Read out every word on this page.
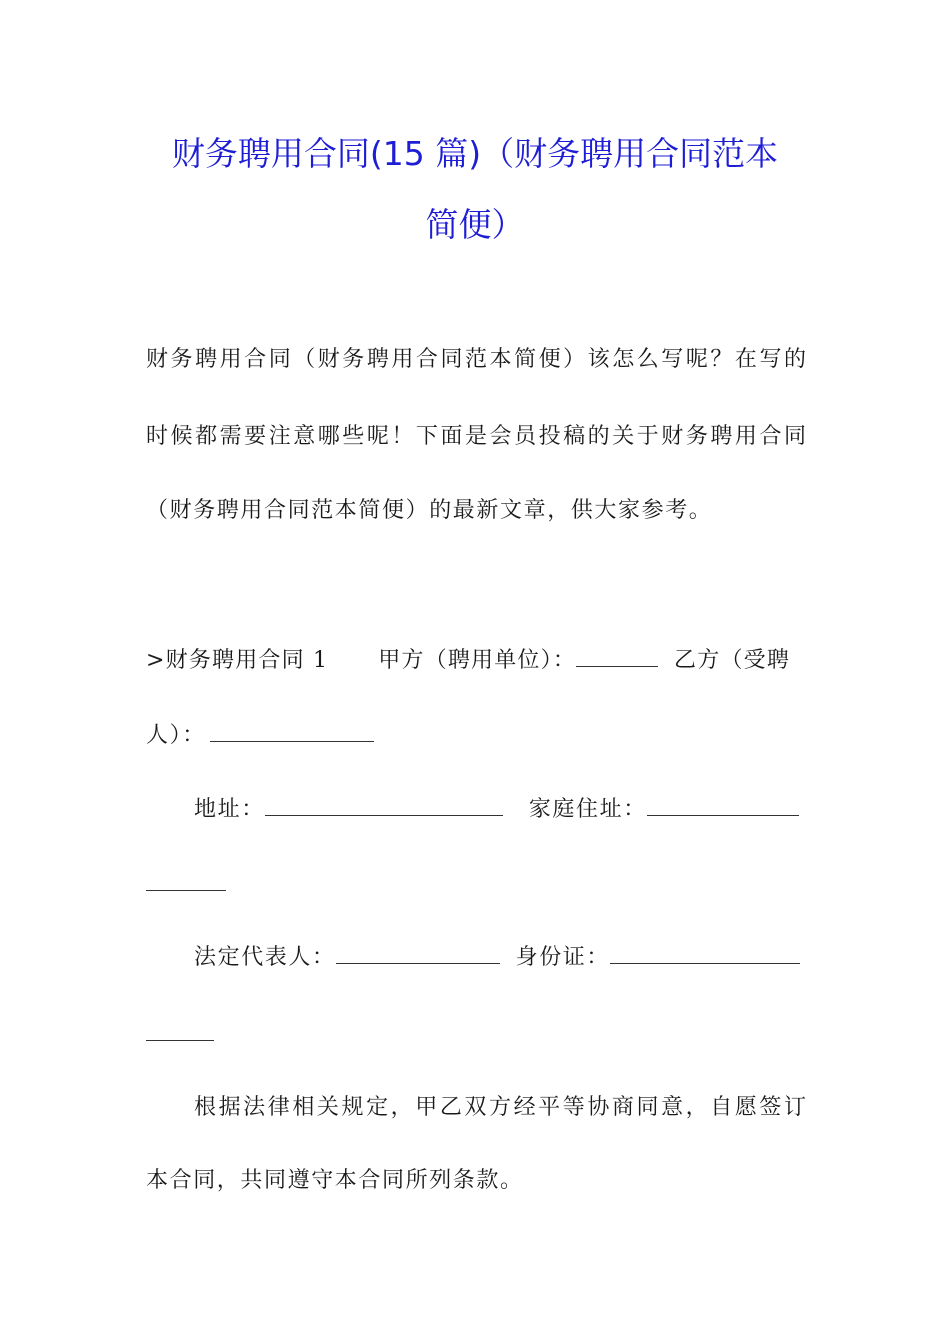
财务聘用合同(15 篇)（财务聘用合同范本
简便）
财务聘用合同（财务聘用合同范本简便）该怎么写呢？在写的
时候都需要注意哪些呢！下面是会员投稿的关于财务聘用合同
（财务聘用合同范本简便）的最新文章，供大家参考。
>财务聘用合同 1 甲方（聘用单位）：	乙方（受聘
人）：
地址：	家庭住址：
法定代表人：	身份证：
根据法律相关规定，甲乙双方经平等协商同意，自愿签订
本合同，共同遵守本合同所列条款。
